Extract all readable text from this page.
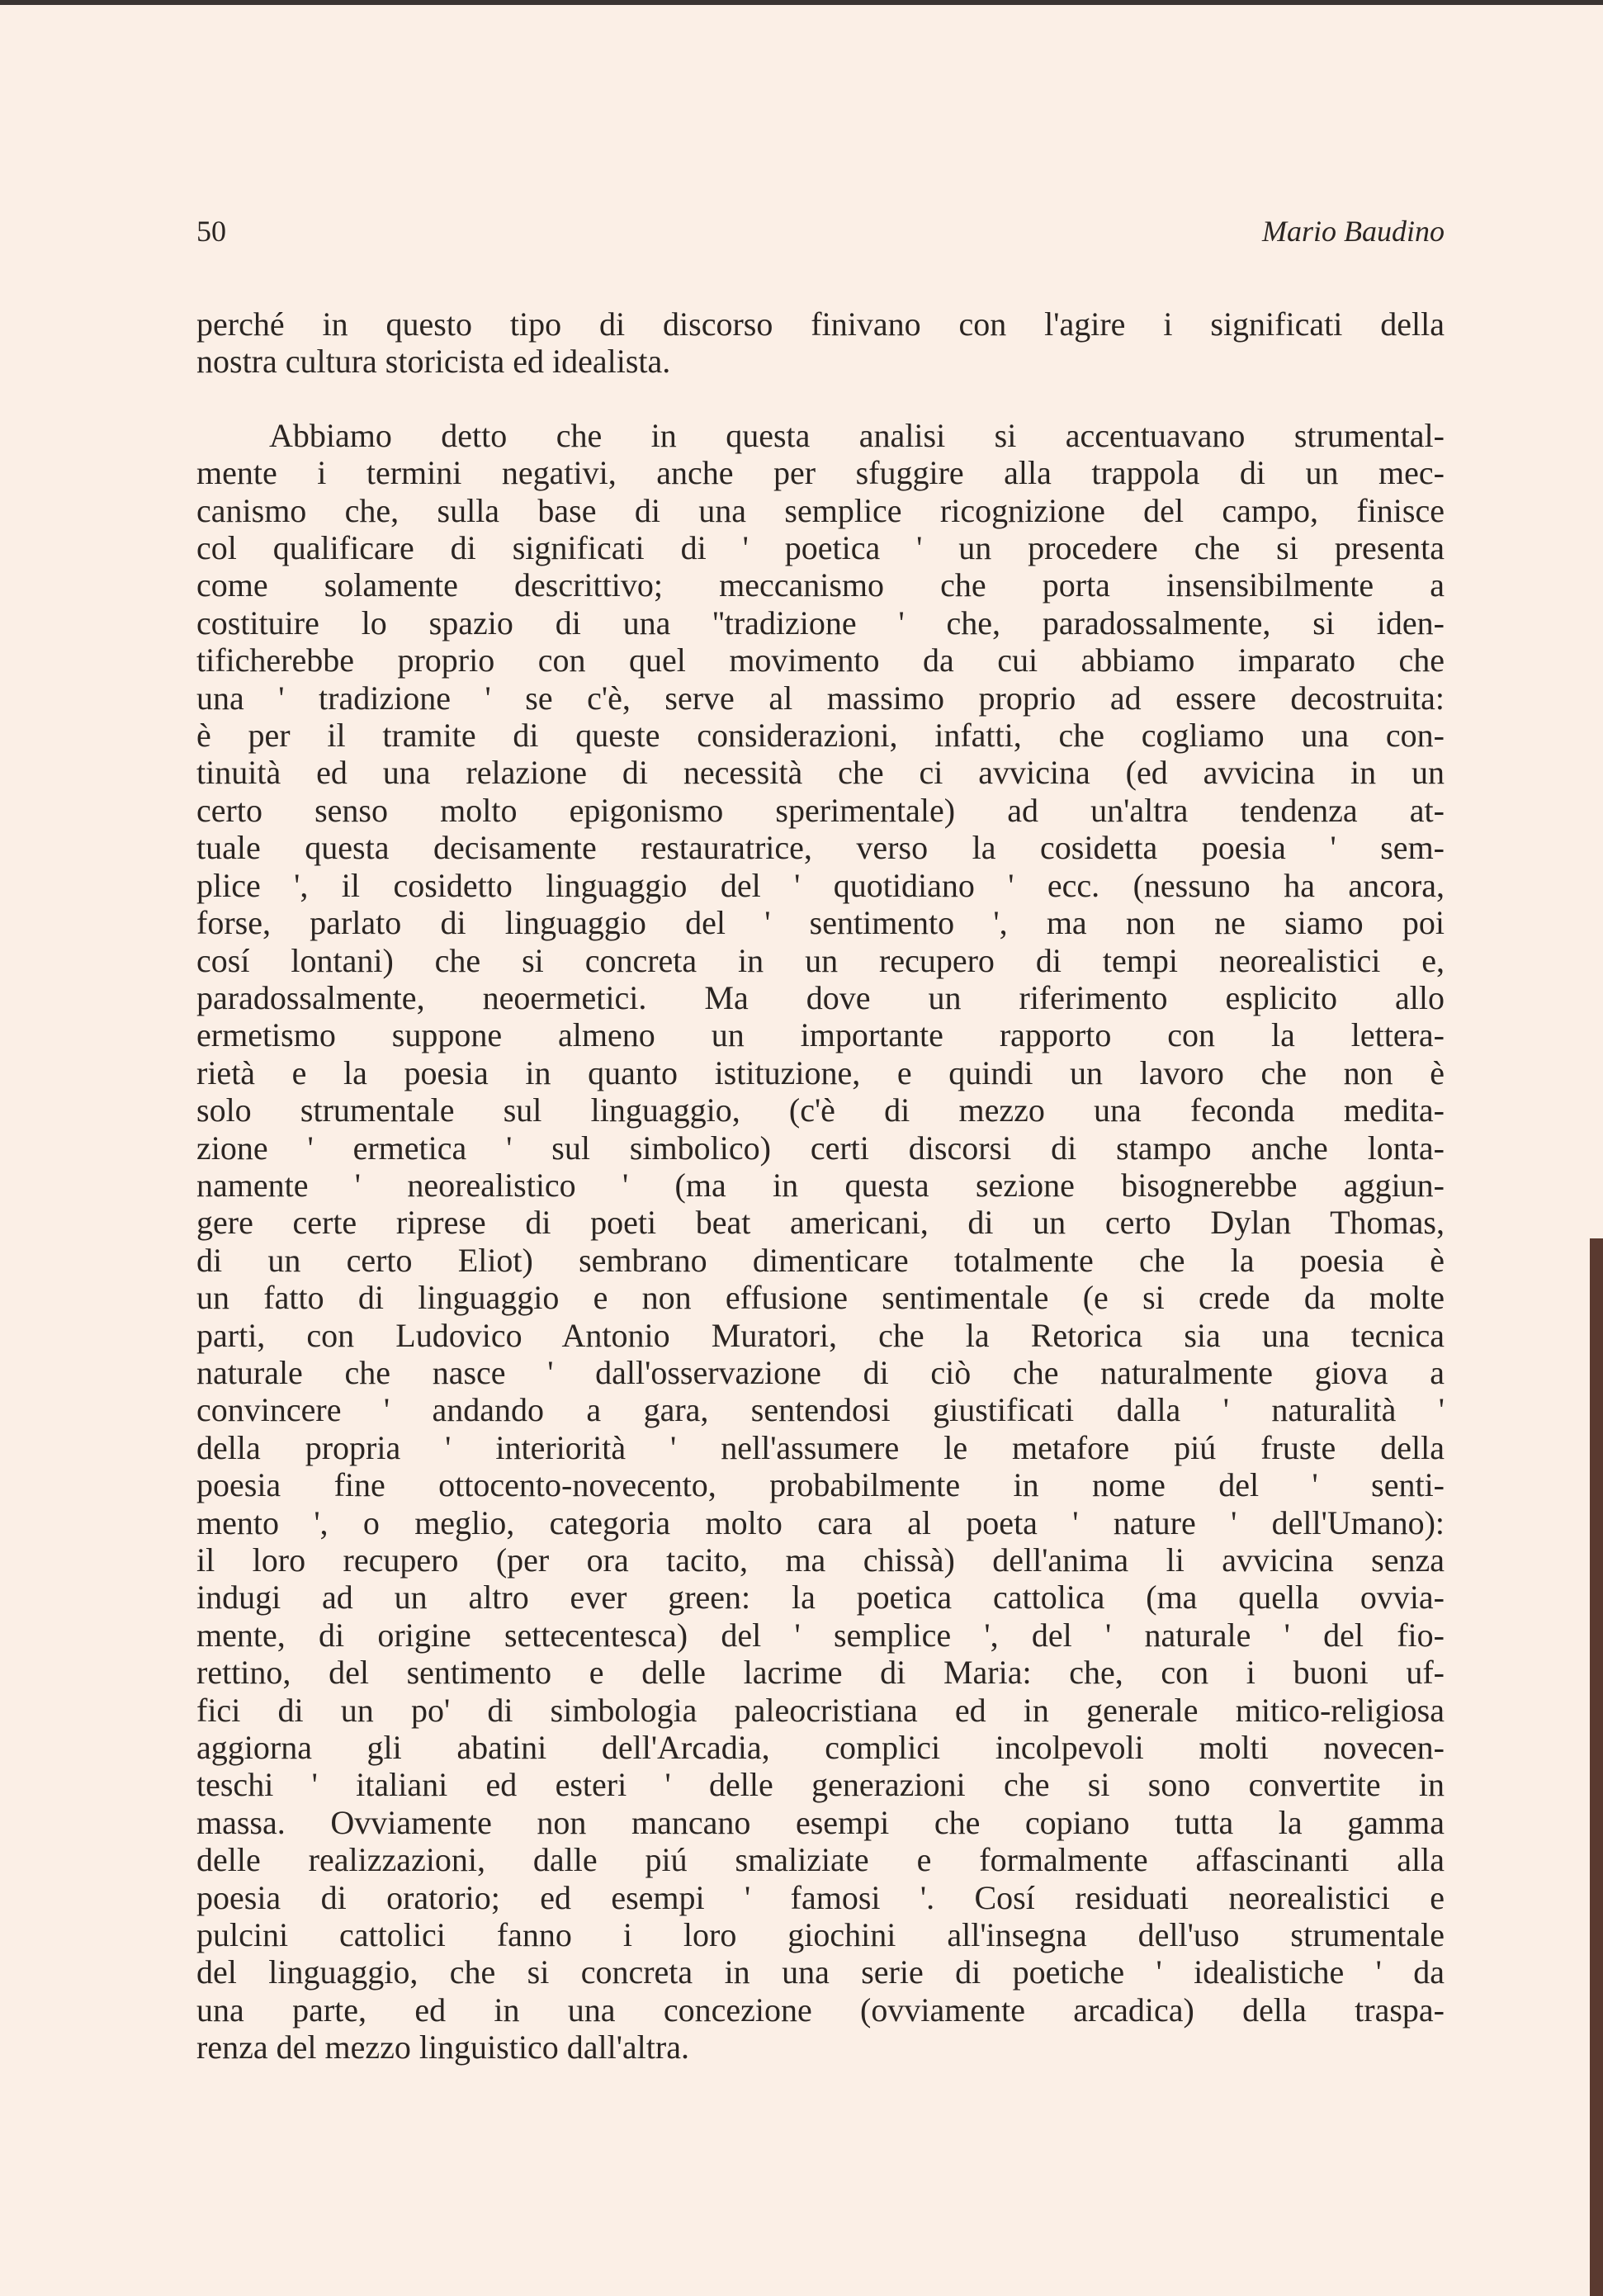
50	Mario Baudino

perché in questo tipo di discorso finivano con l'agire i significati della
nostra cultura storicista ed idealista.

Abbiamo detto che in questa analisi si accentuavano strumental-
mente i termini negativi, anche per sfuggire alla trappola di un mec-
canismo che, sulla base di una semplice ricognizione del campo, finisce
col qualificare di significati di ' poetica ' un procedere che si presenta
come solamente descrittivo; meccanismo che porta insensibilmente a
costituire lo spazio di una ''tradizione ' che, paradossalmente, si iden-
tificherebbe proprio con quel movimento da cui abbiamo imparato che
una ' tradizione ' se c'è, serve al massimo proprio ad essere decostruita:
è per il tramite di queste considerazioni, infatti, che cogliamo una con-
tinuità ed una relazione di necessità che ci avvicina (ed avvicina in un
certo senso molto epigonismo sperimentale) ad un'altra tendenza at-
tuale questa decisamente restauratrice, verso la cosidetta poesia ' sem-
plice ', il cosidetto linguaggio del ' quotidiano ' ecc. (nessuno ha ancora,
forse, parlato di linguaggio del ' sentimento ', ma non ne siamo poi
cosí lontani) che si concreta in un recupero di tempi neorealistici e,
paradossalmente, neoermetici. Ma dove un riferimento esplicito allo
ermetismo suppone almeno un importante rapporto con la lettera-
rietà e la poesia in quanto istituzione, e quindi un lavoro che non è
solo strumentale sul linguaggio, (c'è di mezzo una feconda medita-
zione ' ermetica ' sul simbolico) certi discorsi di stampo anche lonta-
namente ' neorealistico ' (ma in questa sezione bisognerebbe aggiun-
gere certe riprese di poeti beat americani, di un certo Dylan Thomas,
di un certo Eliot) sembrano dimenticare totalmente che la poesia è
un fatto di linguaggio e non effusione sentimentale (e si crede da molte
parti, con Ludovico Antonio Muratori, che la Retorica sia una tecnica
naturale che nasce ' dall'osservazione di ciò che naturalmente giova a
convincere ' andando a gara, sentendosi giustificati dalla ' naturalità '
della propria ' interiorità ' nell'assumere le metafore piú fruste della
poesia fine ottocento-novecento, probabilmente in nome del ' senti-
mento ', o meglio, categoria molto cara al poeta ' nature ' dell'Umano):
il loro recupero (per ora tacito, ma chissà) dell'anima li avvicina senza
indugi ad un altro ever green: la poetica cattolica (ma quella ovvia-
mente, di origine settecentesca) del ' semplice ', del ' naturale ' del fio-
rettino, del sentimento e delle lacrime di Maria: che, con i buoni uf-
fici di un po' di simbologia paleocristiana ed in generale mitico-religiosa
aggiorna gli abatini dell'Arcadia, complici incolpevoli molti novecen-
teschi ' italiani ed esteri ' delle generazioni che si sono convertite in
massa. Ovviamente non mancano esempi che copiano tutta la gamma
delle realizzazioni, dalle piú smaliziate e formalmente affascinanti alla
poesia di oratorio; ed esempi ' famosi '. Cosí residuati neorealistici e
pulcini cattolici fanno i loro giochini all'insegna dell'uso strumentale
del linguaggio, che si concreta in una serie di poetiche ' idealistiche ' da
una parte, ed in una concezione (ovviamente arcadica) della traspa-
renza del mezzo linguistico dall'altra.
